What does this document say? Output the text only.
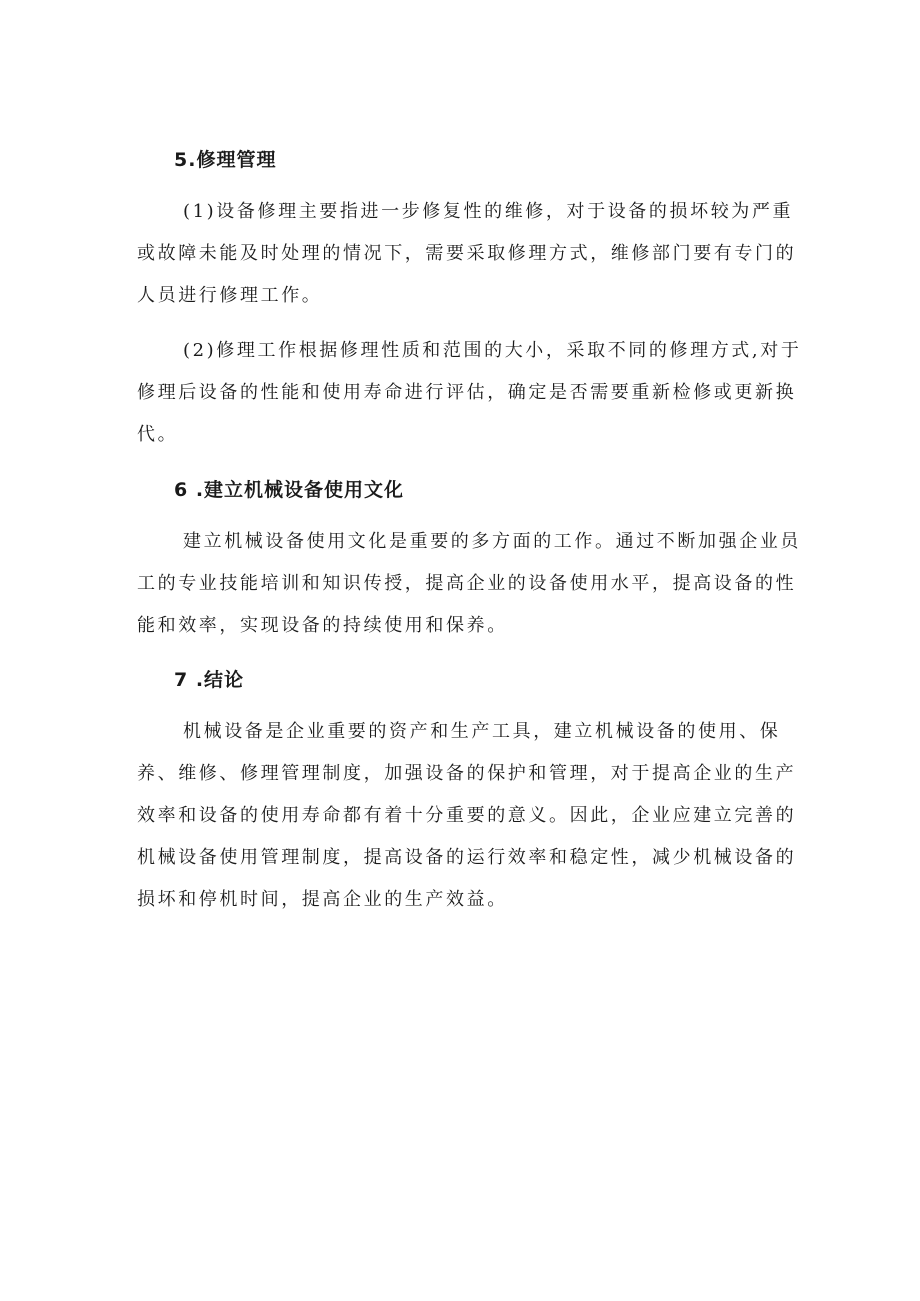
5.修理管理
(1)设备修理主要指进一步修复性的维修，对于设备的损坏较为严重
或故障未能及时处理的情况下，需要采取修理方式，维修部门要有专门的
人员进行修理工作。
(2)修理工作根据修理性质和范围的大小，采取不同的修理方式,对于
修理后设备的性能和使用寿命进行评估，确定是否需要重新检修或更新换
代。
6 .建立机械设备使用文化
建立机械设备使用文化是重要的多方面的工作。通过不断加强企业员
工的专业技能培训和知识传授，提高企业的设备使用水平，提高设备的性
能和效率，实现设备的持续使用和保养。
7 .结论
机械设备是企业重要的资产和生产工具，建立机械设备的使用、保
养、维修、修理管理制度，加强设备的保护和管理，对于提高企业的生产
效率和设备的使用寿命都有着十分重要的意义。因此，企业应建立完善的
机械设备使用管理制度，提高设备的运行效率和稳定性，减少机械设备的
损坏和停机时间，提高企业的生产效益。
